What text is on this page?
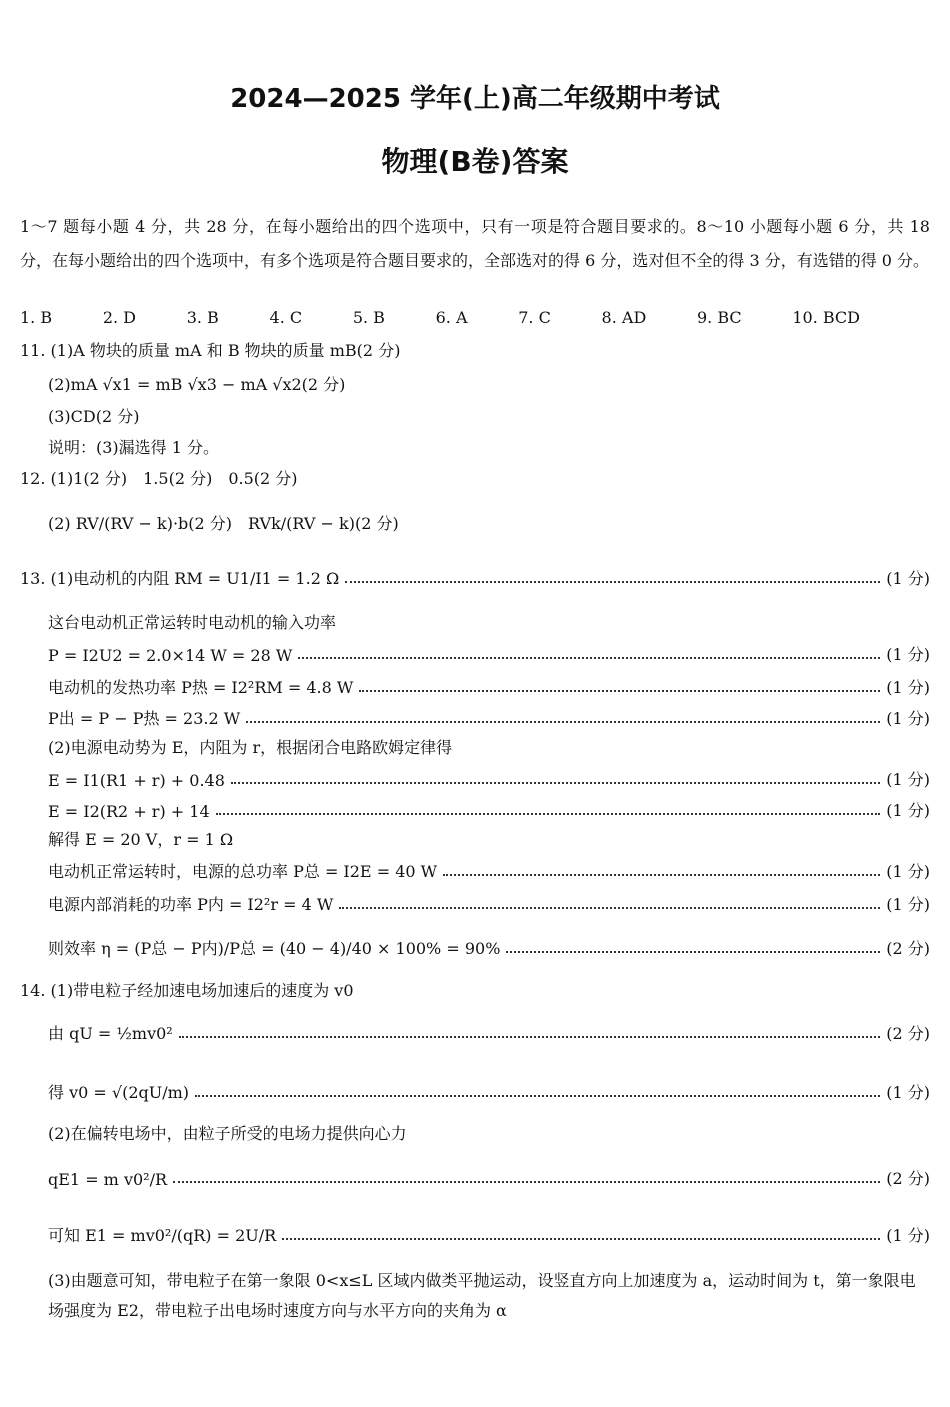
2024—2025 学年(上)高二年级期中考试
物理(B卷)答案
1～7 题每小题 4 分，共 28 分，在每小题给出的四个选项中，只有一项是符合题目要求的。8～10 小题每小题 6 分，共 18 分，在每小题给出的四个选项中，有多个选项是符合题目要求的，全部选对的得 6 分，选对但不全的得 3 分，有选错的得 0 分。
1. B	2. D	3. B	4. C	5. B	6. A	7. C	8. AD	9. BC	10. BCD
11. (1)A 物块的质量 mA 和 B 物块的质量 mB(2 分)
(2)mA √x1 = mB √x3 − mA √x2(2 分)
(3)CD(2 分)
说明：(3)漏选得 1 分。
12. (1)1(2 分)　1.5(2 分)　0.5(2 分)
(2) RV/(RV − k)·b(2 分)　RVk/(RV − k)(2 分)
13. (1)电动机的内阻 RM = U1/I1 = 1.2 Ω	(1 分)
这台电动机正常运转时电动机的输入功率
P = I2U2 = 2.0×14 W = 28 W	(1 分)
电动机的发热功率 P热 = I2²RM = 4.8 W	(1 分)
P出 = P − P热 = 23.2 W	(1 分)
(2)电源电动势为 E，内阻为 r，根据闭合电路欧姆定律得
E = I1(R1 + r) + 0.48	(1 分)
E = I2(R2 + r) + 14	(1 分)
解得 E = 20 V，r = 1 Ω
电动机正常运转时，电源的总功率 P总 = I2E = 40 W	(1 分)
电源内部消耗的功率 P内 = I2²r = 4 W	(1 分)
则效率 η = (P总 − P内)/P总 = (40 − 4)/40 × 100% = 90%	(2 分)
14. (1)带电粒子经加速电场加速后的速度为 v0
由 qU = ½mv0²	(2 分)
得 v0 = √(2qU/m)	(1 分)
(2)在偏转电场中，由粒子所受的电场力提供向心力
qE1 = m v0²/R	(2 分)
可知 E1 = mv0²/(qR) = 2U/R	(1 分)
(3)由题意可知，带电粒子在第一象限 0<x≤L 区域内做类平抛运动，设竖直方向上加速度为 a，运动时间为 t，第一象限电场强度为 E2，带电粒子出电场时速度方向与水平方向的夹角为 α
